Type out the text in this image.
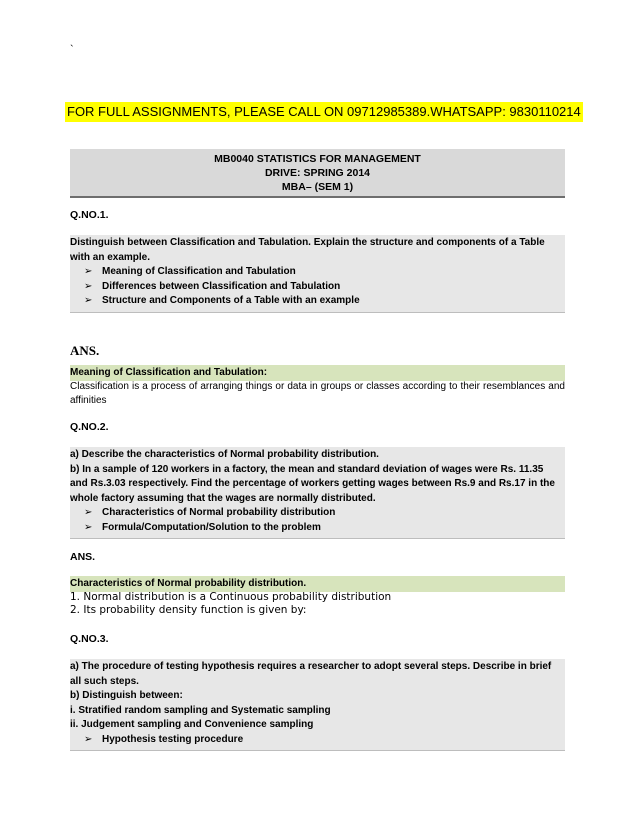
`
FOR FULL ASSIGNMENTS, PLEASE CALL ON 09712985389.WHATSAPP: 9830110214
MB0040 STATISTICS FOR MANAGEMENT
DRIVE: SPRING 2014
MBA– (SEM 1)
Q.NO.1.
Distinguish between Classification and Tabulation. Explain the structure and components of a Table
with an example.
➢ Meaning of Classification and Tabulation
➢ Differences between Classification and Tabulation
➢ Structure and Components of a Table with an example
ANS.
Meaning of Classification and Tabulation:
Classification is a process of arranging things or data in groups or classes according to their resemblances and affinities
Q.NO.2.
a) Describe the characteristics of Normal probability distribution.
b) In a sample of 120 workers in a factory, the mean and standard deviation of wages were Rs. 11.35
and Rs.3.03 respectively. Find the percentage of workers getting wages between Rs.9 and Rs.17 in the
whole factory assuming that the wages are normally distributed.
➢ Characteristics of Normal probability distribution
➢ Formula/Computation/Solution to the problem
ANS.
Characteristics of Normal probability distribution.
1. Normal distribution is a Continuous probability distribution
2. Its probability density function is given by:
Q.NO.3.
a) The procedure of testing hypothesis requires a researcher to adopt several steps. Describe in brief
all such steps.
b) Distinguish between:
i. Stratified random sampling and Systematic sampling
ii. Judgement sampling and Convenience sampling
➢ Hypothesis testing procedure
